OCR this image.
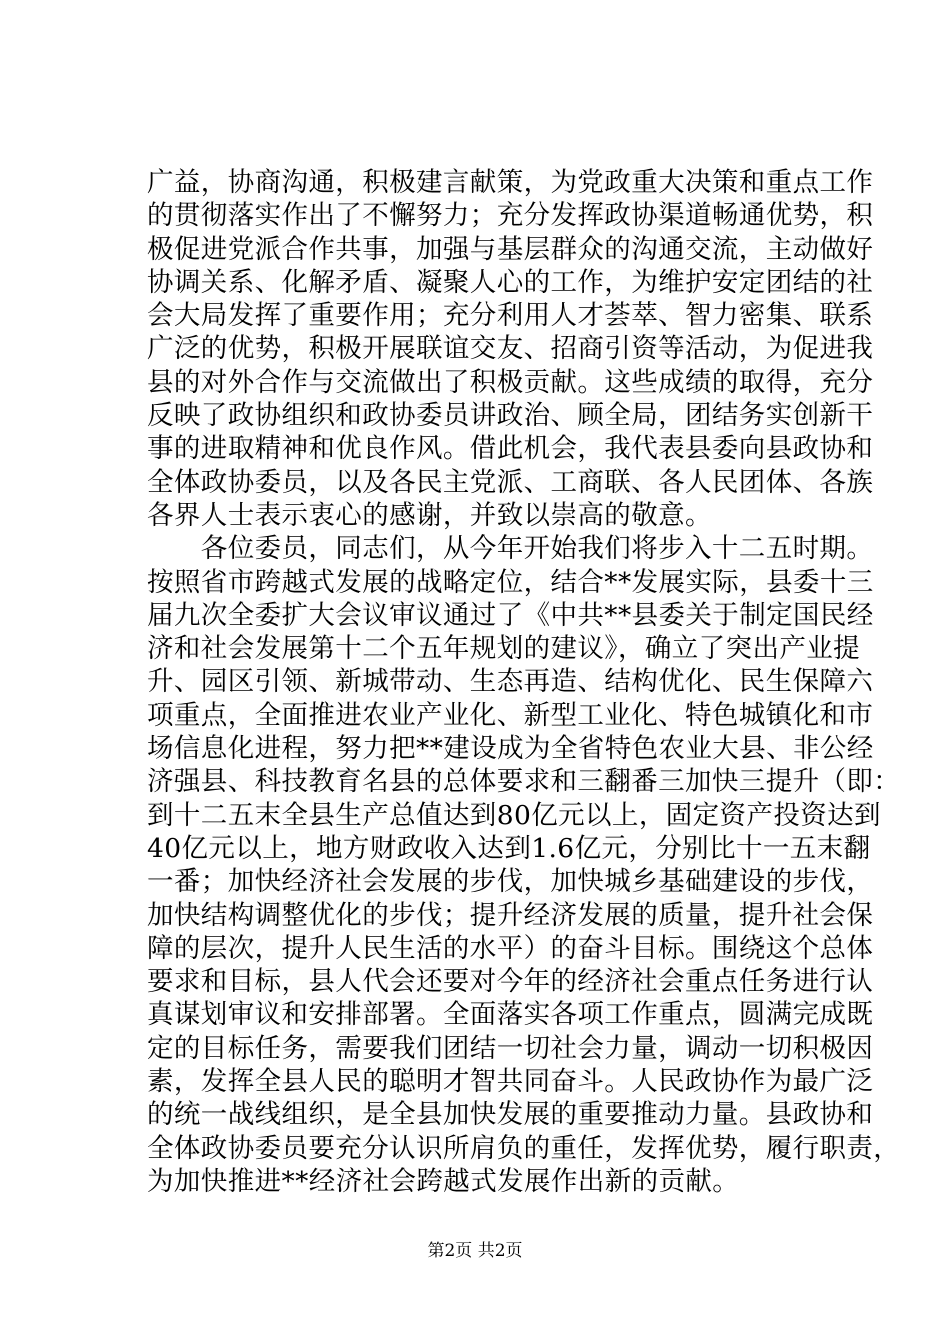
广益，协商沟通，积极建言献策，为党政重大决策和重点工作
的贯彻落实作出了不懈努力；充分发挥政协渠道畅通优势，积
极促进党派合作共事，加强与基层群众的沟通交流，主动做好
协调关系、化解矛盾、凝聚人心的工作，为维护安定团结的社
会大局发挥了重要作用；充分利用人才荟萃、智力密集、联系
广泛的优势，积极开展联谊交友、招商引资等活动，为促进我
县的对外合作与交流做出了积极贡献。这些成绩的取得，充分
反映了政协组织和政协委员讲政治、顾全局，团结务实创新干
事的进取精神和优良作风。借此机会，我代表县委向县政协和
全体政协委员，以及各民主党派、工商联、各人民团体、各族
各界人士表示衷心的感谢，并致以崇高的敬意。
　　各位委员，同志们，从今年开始我们将步入十二五时期。
按照省市跨越式发展的战略定位，结合**发展实际，县委十三
届九次全委扩大会议审议通过了《中共**县委关于制定国民经
济和社会发展第十二个五年规划的建议》，确立了突出产业提
升、园区引领、新城带动、生态再造、结构优化、民生保障六
项重点，全面推进农业产业化、新型工业化、特色城镇化和市
场信息化进程，努力把**建设成为全省特色农业大县、非公经
济强县、科技教育名县的总体要求和三翻番三加快三提升（即：
到十二五末全县生产总值达到80亿元以上，固定资产投资达到
40亿元以上，地方财政收入达到1.6亿元，分别比十一五末翻
一番；加快经济社会发展的步伐，加快城乡基础建设的步伐，
加快结构调整优化的步伐；提升经济发展的质量，提升社会保
障的层次，提升人民生活的水平）的奋斗目标。围绕这个总体
要求和目标，县人代会还要对今年的经济社会重点任务进行认
真谋划审议和安排部署。全面落实各项工作重点，圆满完成既
定的目标任务，需要我们团结一切社会力量，调动一切积极因
素，发挥全县人民的聪明才智共同奋斗。人民政协作为最广泛
的统一战线组织，是全县加快发展的重要推动力量。县政协和
全体政协委员要充分认识所肩负的重任，发挥优势，履行职责，
为加快推进**经济社会跨越式发展作出新的贡献。
第2页 共2页
